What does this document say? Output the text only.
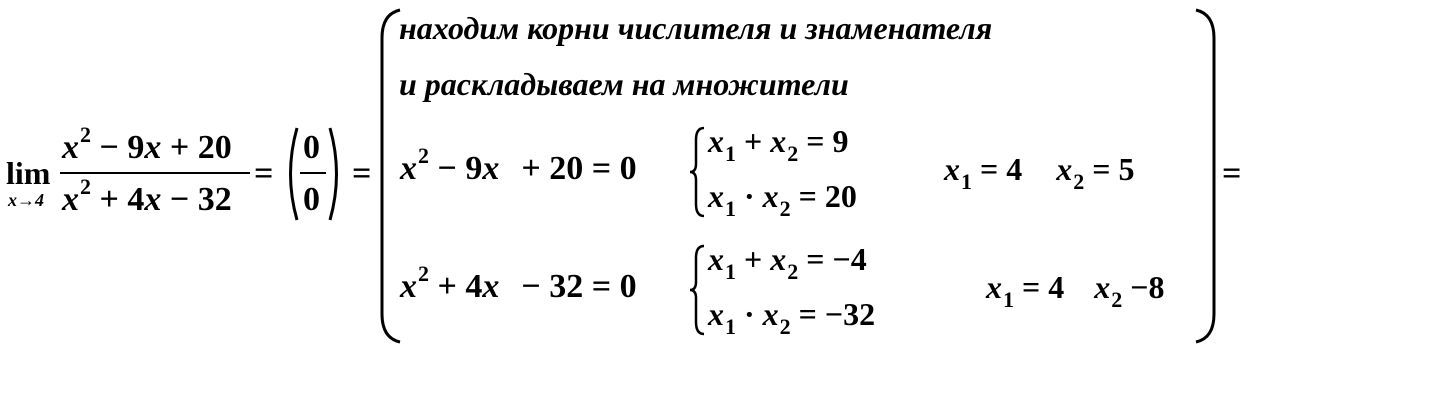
lim
x→4
$x^2 - 9x + 20$
$x^2 + 4x - 32$
=
0
0
=
находим корни числителя и знаменателя
и раскладываем на множители
$x^2 - 9x + 20 = 0$
$x_1 + x_2 = 9$
$x_1 \cdot x_2 = 20$
$x_1 = 4$ $x_2 = 5$
$x^2 + 4x - 32 = 0$
$x_1 + x_2 = -4$
$x_1 \cdot x_2 = -32$
$x_1 = 4$ $x_2 -8$
=
